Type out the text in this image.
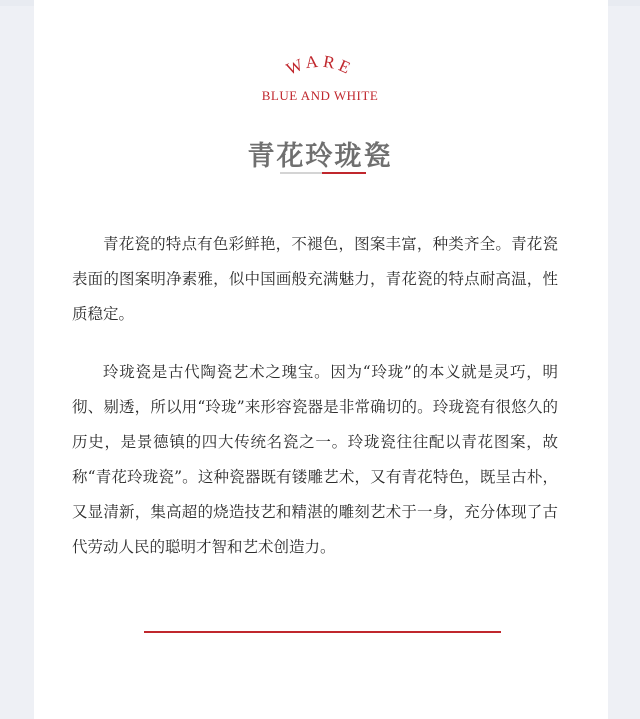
WARE
BLUE AND WHITE
青花玲珑瓷

青花瓷的特点有色彩鲜艳，不褪色，图案丰富，种类齐全。青花瓷表面的图案明净素雅，似中国画般充满魅力，青花瓷的特点耐高温，性质稳定。

玲珑瓷是古代陶瓷艺术之瑰宝。因为“玲珑”的本义就是灵巧，明彻、剔透，所以用“玲珑”来形容瓷器是非常确切的。玲珑瓷有很悠久的历史，是景德镇的四大传统名瓷之一。玲珑瓷往往配以青花图案，故称“青花玲珑瓷”。这种瓷器既有镂雕艺术，又有青花特色，既呈古朴，又显清新，集高超的烧造技艺和精湛的雕刻艺术于一身，充分体现了古代劳动人民的聪明才智和艺术创造力。
